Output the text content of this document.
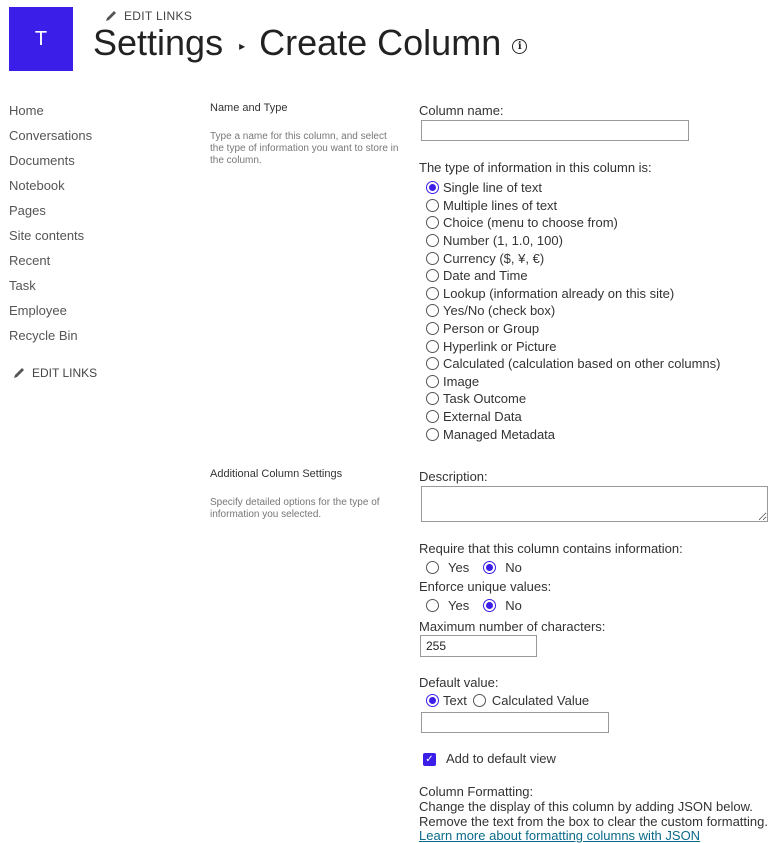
T
EDIT LINKS
Settings ▸ Create Column	i
Home
Conversations
Documents
Notebook
Pages
Site contents
Recent
Task
Employee
Recycle Bin
EDIT LINKS
Name and Type
Type a name for this column, and select the type of information you want to store in the column.
Column name:
The type of information in this column is:
Single line of text
Multiple lines of text
Choice (menu to choose from)
Number (1, 1.0, 100)
Currency ($, ¥, €)
Date and Time
Lookup (information already on this site)
Yes/No (check box)
Person or Group
Hyperlink or Picture
Calculated (calculation based on other columns)
Image
Task Outcome
External Data
Managed Metadata
Additional Column Settings
Specify detailed options for the type of information you selected.
Description:
Require that this column contains information:
Yes	No
Enforce unique values:
Yes	No
Maximum number of characters:
255
Default value:
Text Calculated Value
✓ Add to default view
Column Formatting:
Change the display of this column by adding JSON below.
Remove the text from the box to clear the custom formatting.
Learn more about formatting columns with JSON
